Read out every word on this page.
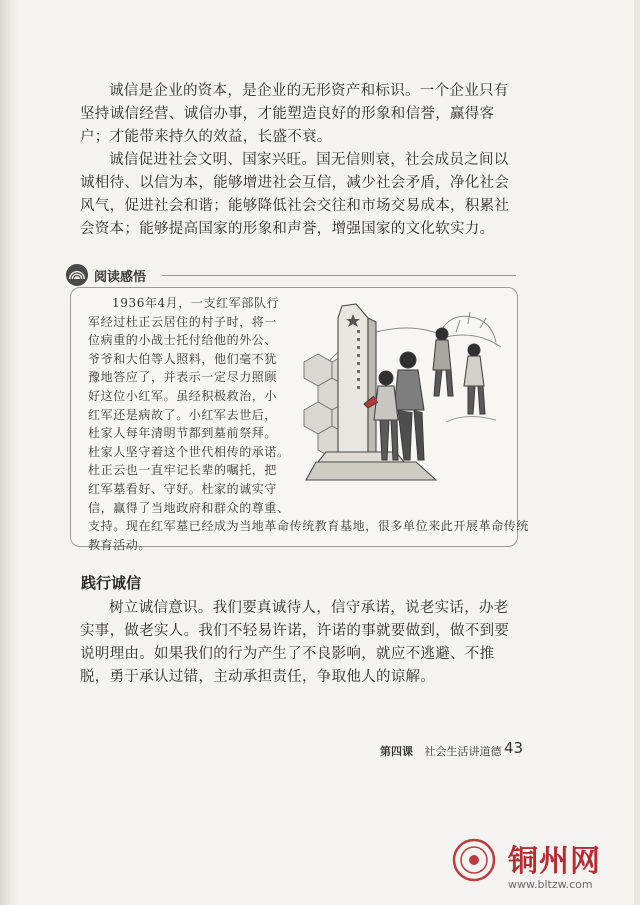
诚信是企业的资本，是企业的无形资产和标识。一个企业只有坚持诚信经营、诚信办事，才能塑造良好的形象和信誉，赢得客户；才能带来持久的效益，长盛不衰。

诚信促进社会文明、国家兴旺。国无信则衰，社会成员之间以诚相待、以信为本，能够增进社会互信，减少社会矛盾，净化社会风气，促进社会和谐；能够降低社会交往和市场交易成本，积累社会资本；能够提高国家的形象和声誉，增强国家的文化软实力。

阅读感悟
1936年4月，一支红军部队行
军经过杜正云居住的村子时，将一
位病重的小战士托付给他的外公、
爷爷和大伯等人照料，他们毫不犹
豫地答应了，并表示一定尽力照顾
好这位小红军。虽经积极救治，小
红军还是病故了。小红军去世后，
杜家人每年清明节都到墓前祭拜。
杜家人坚守着这个世代相传的承诺。
杜正云也一直牢记长辈的嘱托，把
红军墓看好、守好。杜家的诚实守
信，赢得了当地政府和群众的尊重、
支持。现在红军墓已经成为当地革命传统教育基地，很多单位来此开展革命传统
教育活动。
践行诚信

树立诚信意识。我们要真诚待人，信守承诺，说老实话，办老实事，做老实人。我们不轻易许诺，许诺的事就要做到，做不到要说明理由。如果我们的行为产生了不良影响，就应不逃避、不推脱，勇于承认过错，主动承担责任，争取他人的谅解。

第四课 社会生活讲道德 43
铜州网
www.bltzw.com
